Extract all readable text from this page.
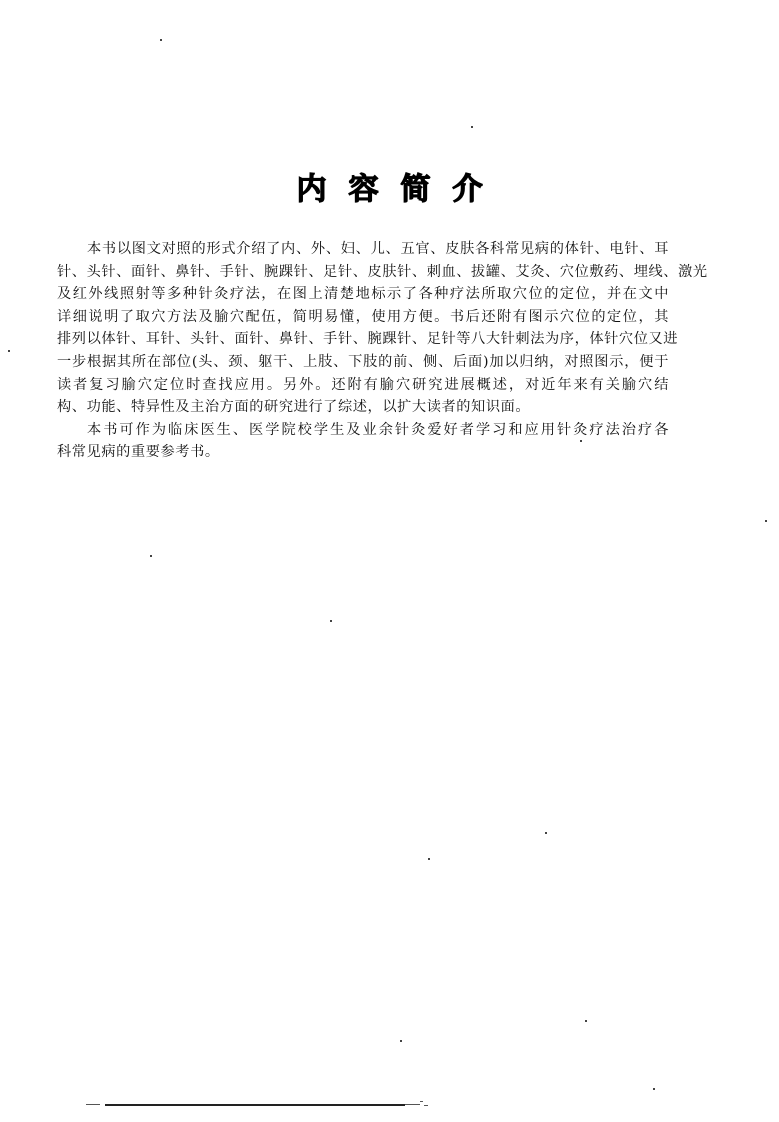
内容简介
本书以图文对照的形式介绍了内、外、妇、儿、五官、皮肤各科常见病的体针、电针、耳
针、头针、面针、鼻针、手针、腕踝针、足针、皮肤针、刺血、拔罐、艾灸、穴位敷药、埋线、激光
及红外线照射等多种针灸疗法，在图上清楚地标示了各种疗法所取穴位的定位，并在文中
详细说明了取穴方法及腧穴配伍，简明易懂，使用方便。书后还附有图示穴位的定位，其
排列以体针、耳针、头针、面针、鼻针、手针、腕踝针、足针等八大针刺法为序，体针穴位又进
一步根据其所在部位(头、颈、躯干、上肢、下肢的前、侧、后面)加以归纳，对照图示，便于
读者复习腧穴定位时查找应用。另外。还附有腧穴研究进展概述，对近年来有关腧穴结
构、功能、特异性及主治方面的研究进行了综述，以扩大读者的知识面。
本书可作为临床医生、医学院校学生及业余针灸爱好者学习和应用针灸疗法治疗各
科常见病的重要参考书。
